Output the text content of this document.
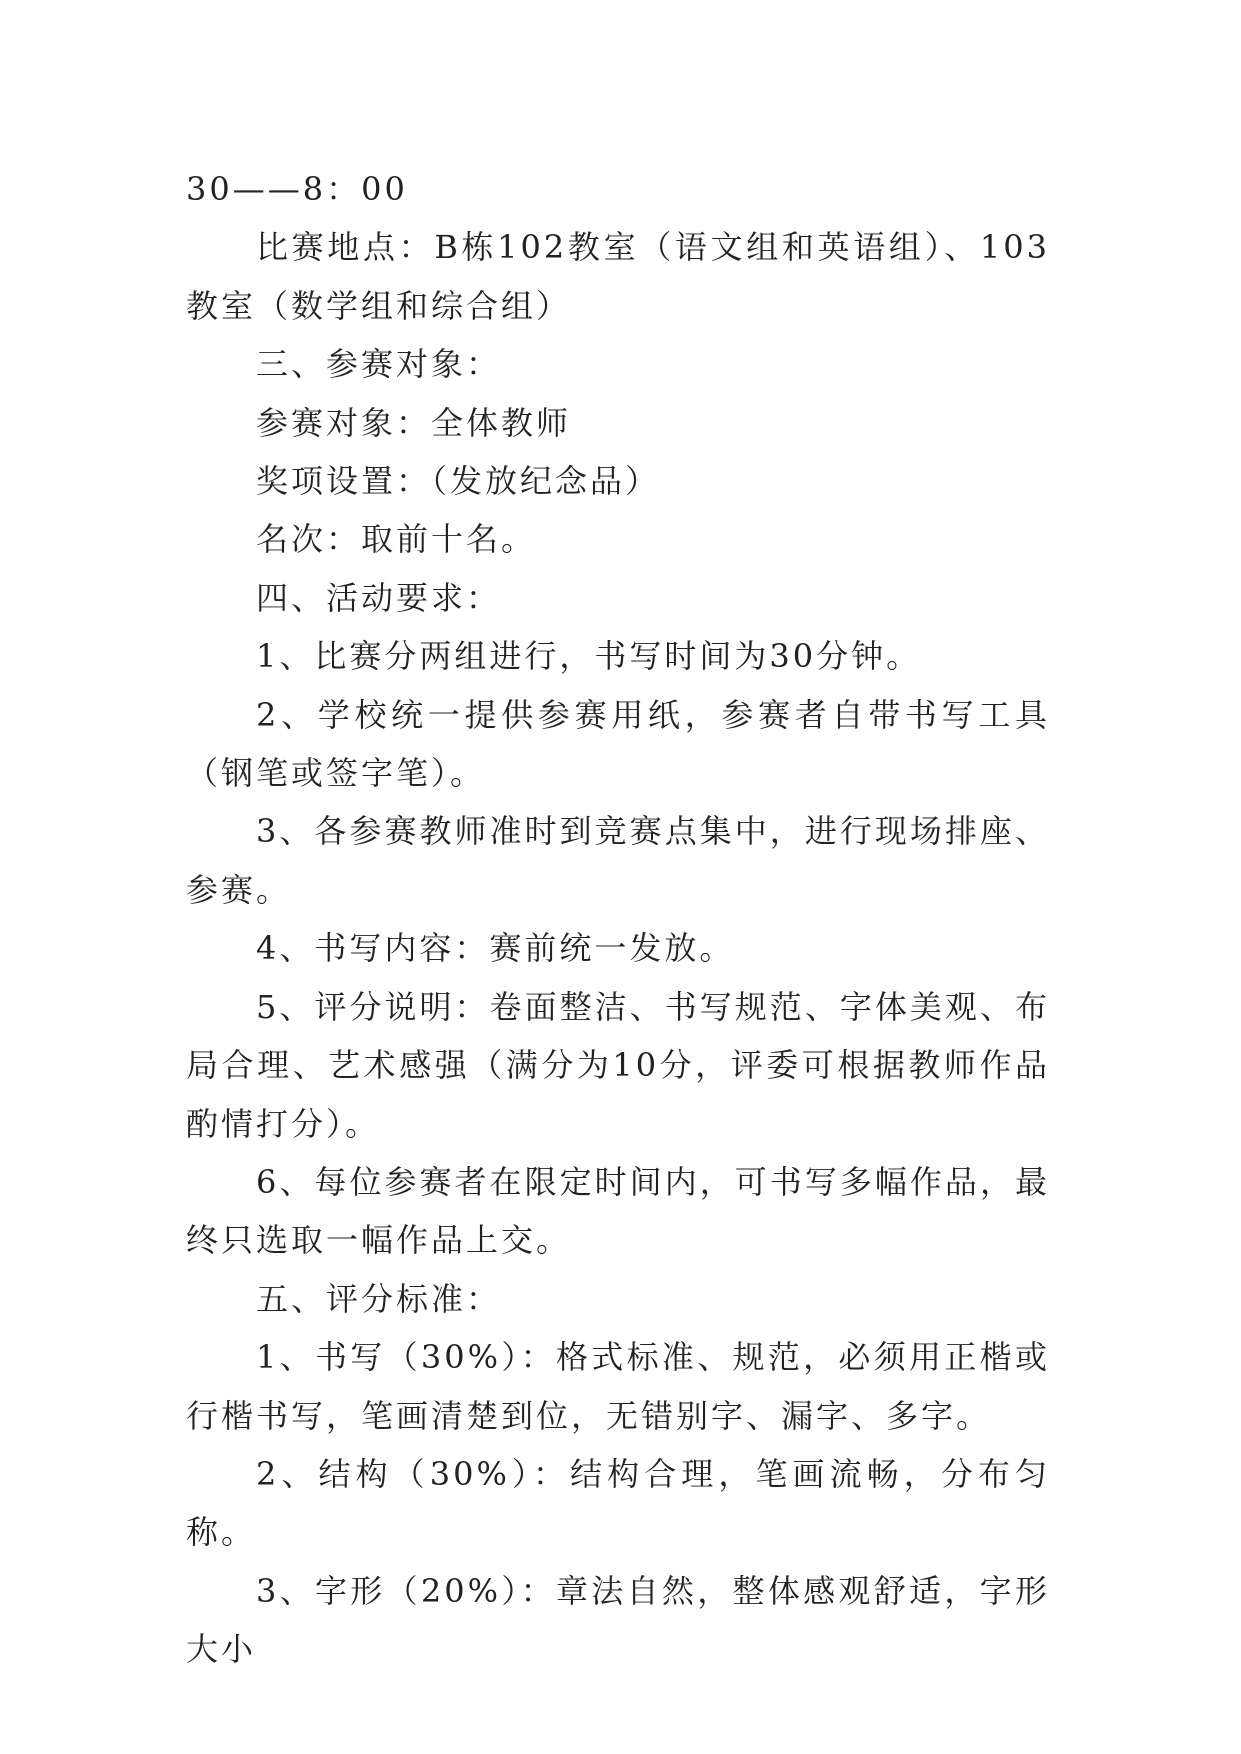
30——8：00

比赛地点：B栋102教室（语文组和英语组）、103教室（数学组和综合组）

三、参赛对象：

参赛对象：全体教师

奖项设置：（发放纪念品）

名次：取前十名。

四、活动要求：

1、比赛分两组进行，书写时间为30分钟。

2、学校统一提供参赛用纸，参赛者自带书写工具（钢笔或签字笔）。

3、各参赛教师准时到竞赛点集中，进行现场排座、参赛。

4、书写内容：赛前统一发放。

5、评分说明：卷面整洁、书写规范、字体美观、布局合理、艺术感强（满分为10分，评委可根据教师作品酌情打分）。

6、每位参赛者在限定时间内，可书写多幅作品，最终只选取一幅作品上交。

五、评分标准：

1、书写（30%）：格式标准、规范，必须用正楷或行楷书写，笔画清楚到位，无错别字、漏字、多字。

2、结构（30%）：结构合理，笔画流畅，分布匀称。

3、字形（20%）：章法自然，整体感观舒适，字形大小
